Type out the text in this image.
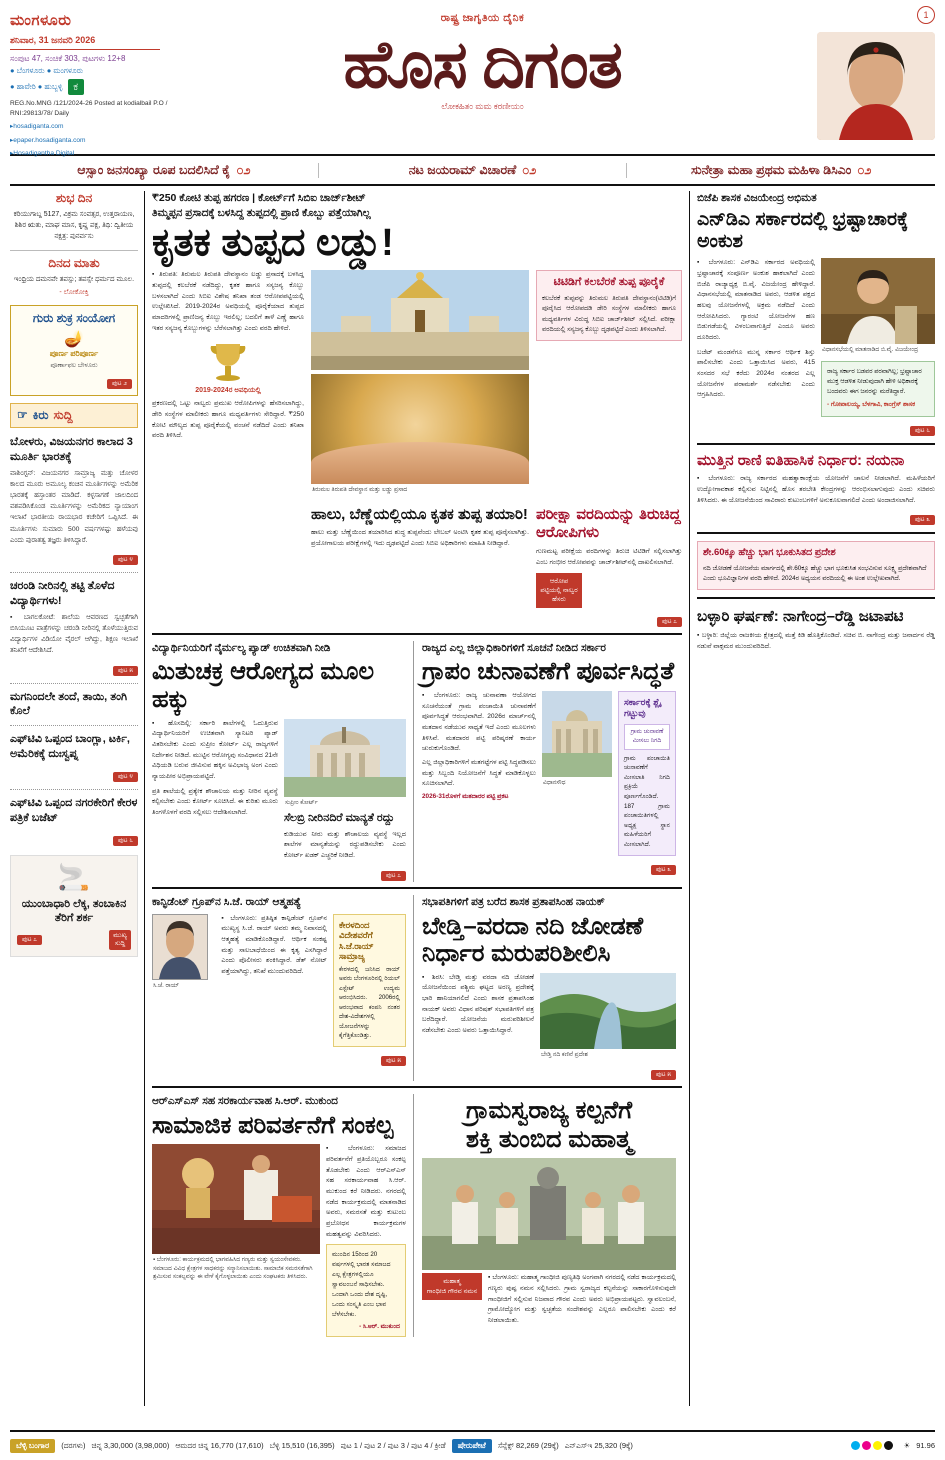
ಮಂಗಳೂರು
ಶನಿವಾರ, 31 ಜನವರಿ 2026
ಸಂಪುಟ 47, ಸಂಚಿಕೆ 303, ಪುಟಗಳು 12+8
● ಬೆಂಗಳೂರು ● ಮಂಗಳೂರು
● ಹಾವೇರಿ ● ಹುಬ್ಬಳ್ಳಿ ಕ
REG.No.MNG /121/2024-26 Posted at kodialbail P.O / RNI:29813/78/ Daily
▸hosadiganta.com
▸epaper.hosadiganta.com
▸Hosadigantha Digital
ರಾಷ್ಟ್ರ ಜಾಗೃತಿಯ ದೈನಿಕ
ಹೊಸ ದಿಗತ
ಲೋಕಹಿತಂ ಮಮ ಕರಣೀಯಂ
1
ಆಸ್ಸಾಂ ಜನಸಂಖ್ಯಾ ರೂಪ ಬದಲಿಸಿದೆ ಕೈ ೦೨	ನಟ ಜಯರಾಮ್ ವಿಚಾರಣೆ ೦೨	ಸುನೇತ್ರಾ ಮಹಾ ಪ್ರಥಮ ಮಹಿಳಾ ಡಿಸಿಎಂ ೦೨
ಶುಭ ದಿನ
ಕರಿಯುಗಾಬ್ದ 5127, ವಿಕ್ರಮ ಸಂವತ್ಸರ, ಉತ್ತರಾಯಣ, ಶಿಶಿರ ಋತು, ಮಾಘ ಮಾಸ, ಕೃಷ್ಣ ಪಕ್ಷ, ತಿಥಿ: ದ್ವಿತೀಯ ನಕ್ಷತ್ರ: ಪುನರ್ವಸು
ದಿನದ ಮಾತು
ಇಂಧ್ರಿಯ ದಮನವೇ ತಪಸ್ಸು; ತಪಸ್ಸೇ ಧರ್ಮದ ಮೂಲ.
- ಲೋಕೋಕ್ತಿ
ಗುರು ಶುಕ್ರ ಸಂಯೋಗ
🪔
ಪೂರ್ಣ ಪರಿಪೂರ್ಣ
ಪೂರ್ಣಾಫಲ ಬೇಳೂರು
ಪುಟ ೨
☞ ಕಿರು ಸುದ್ದಿ
ಬೋಳರು, ವಿಜಯನಗರ ಕಾಲಾದ 3 ಮೂರ್ತಿ ಭಾರತಕ್ಕೆ
ವಾಶಿಂಗ್ಟನ್: ವಿಜಯನಗರ ಸಾಮ್ರಾಜ್ಯ ಮತ್ತು ಚೋಳರ ಕಾಲದ ಮೂರು ಅಮೂಲ್ಯ ಕಂಚಿನ ಮೂರ್ತಿಗಳನ್ನು ಅಮೆರಿಕ ಭಾರತಕ್ಕೆ ಹಸ್ತಾಂತರ ಮಾಡಿದೆ. ಕಳ್ಳಸಾಗಣೆ ಜಾಲದಿಂದ ವಶಪಡಿಸಿಕೊಂಡ ಮೂರ್ತಿಗಳನ್ನು ಅಮೆರಿಕದ ನ್ಯಾಯಾಂಗ ಇಲಾಖೆ ಭಾರತೀಯ ರಾಯಭಾರ ಕಚೇರಿಗೆ ಒಪ್ಪಿಸಿದೆ. ಈ ಮೂರ್ತಿಗಳು ಸುಮಾರು 500 ವರ್ಷಗಳಷ್ಟು ಹಳೆಯವು ಎಂದು ಪುರಾತತ್ವ ತಜ್ಞರು ತಿಳಿಸಿದ್ದಾರೆ.
ಪುಟ ೪
ಚರಂಡಿ ನೀರಿನಲ್ಲಿ ತಟ್ಟಿ ತೊಳೆದ ವಿದ್ಯಾರ್ಥಿಗಳು!
▪ ಬಾಗಲಕೋಟೆ: ಶಾಲೆಯ ಆವರಣದ ಸ್ವಚ್ಛತೆಗಾಗಿ ಬಿಸಿಯೂಟ ಪಾತ್ರೆಗಳನ್ನು ಚರಂಡಿ ನೀರಿನಲ್ಲಿ ತೊಳೆಯುತ್ತಿರುವ ವಿದ್ಯಾರ್ಥಿಗಳ ವಿಡಿಯೋ ವೈರಲ್ ಆಗಿದ್ದು, ಶಿಕ್ಷಣ ಇಲಾಖೆ ತನಿಖೆಗೆ ಆದೇಶಿಸಿದೆ.
ಪುಟ ೫
ಮಗನಿಂದಲೇ ತಂದೆ, ತಾಯಿ, ತಂಗಿ ಕೊಲೆ
ಎಫ್‌ಟಿವಿ ಒಪ್ಪಂದ ಬಾಂಗ್ಲಾ, ಟರ್ಕಿ, ಅಮೆರಿಕಕ್ಕೆ ದುಃಸ್ವಪ್ನ
ಪುಟ ೪
ಎಫ್‌ಟಿವಿ ಒಪ್ಪಂದ ನಗರಕೇರಿಗೆ ಕೇರಳ ಪತ್ರಿಕೆ ಬಜೆಟ್
ಪುಟ ೬
🚬
ಯುಂಬಾಧಾರಿ ಲೆಕ್ಕ, ತಂಬಾಕಿನ ತೆರಿಗೆ ಶರ್ಕ
ಪುಟ ೭
ಮುಖ್ಯ
ಸುದ್ದಿ
₹250 ಕೋಟಿ ತುಪ್ಪ ಹಗರಣ | ಕೋರ್ಟ್‌ಗೆ ಸಿಬಿಐ ಚಾರ್ಜ್‌ಶೀಟ್
ತಿಮ್ಮಪ್ಪನ ಪ್ರಸಾದಕ್ಕೆ ಬಳಸಿದ್ದ ತುಪ್ಪದಲ್ಲಿ ಪ್ರಾಣಿ ಕೊಬ್ಬು ಪತ್ತೆಯಾಗಿಲ್ಲ
ಕೃತಕ ತುಪ್ಪದ ಲಡ್ಡು!
▪ ತಿರುಪತಿ: ತಿರುಮಲ ತಿರುಪತಿ ದೇವಸ್ಥಾನಂ ಲಡ್ಡು ಪ್ರಸಾದಕ್ಕೆ ಬಳಸಿದ್ದ ತುಪ್ಪದಲ್ಲಿ ಕಲಬೆರಕೆ ನಡೆದಿದ್ದು, ಕೃತಕ ಹಾಗೂ ಸಸ್ಯಜನ್ಯ ಕೊಬ್ಬು ಬಳಸಲಾಗಿದೆ ಎಂದು ಸಿಬಿಐ ವಿಶೇಷ ತನಿಖಾ ತಂಡ ಆರೋಪಪಟ್ಟಿಯಲ್ಲಿ ಉಲ್ಲೇಖಿಸಿದೆ. 2019-2024ರ ಅವಧಿಯಲ್ಲಿ ಪೂರೈಕೆಯಾದ ತುಪ್ಪದ ಮಾದರಿಗಳಲ್ಲಿ ಪ್ರಾಣಿಜನ್ಯ ಕೊಬ್ಬು ಇರಲಿಲ್ಲ; ಬದಲಿಗೆ ತಾಳೆ ಎಣ್ಣೆ ಹಾಗೂ ಇತರ ಸಸ್ಯಜನ್ಯ ಕೊಬ್ಬುಗಳನ್ನು ಬೆರೆಸಲಾಗಿತ್ತು ಎಂದು ವರದಿ ಹೇಳಿದೆ.
2019-2024ರ ಅವಧಿಯಲ್ಲಿ
ಪ್ರಕರಣದಲ್ಲಿ ಒಟ್ಟು ನಾಲ್ವರು ಪ್ರಮುಖ ಆರೋಪಿಗಳನ್ನು ಹೆಸರಿಸಲಾಗಿದ್ದು, ಡೇರಿ ಸಂಸ್ಥೆಗಳ ಮಾಲೀಕರು ಹಾಗೂ ಮಧ್ಯವರ್ತಿಗಳು ಸೇರಿದ್ದಾರೆ. ₹250 ಕೋಟಿ ಮೌಲ್ಯದ ತುಪ್ಪ ಪೂರೈಕೆಯಲ್ಲಿ ವಂಚನೆ ನಡೆದಿದೆ ಎಂದು ತನಿಖಾ ವರದಿ ತಿಳಿಸಿದೆ.
ತಿರುಮಲ ತಿರುಪತಿ ದೇವಸ್ಥಾನ ಮತ್ತು ಲಡ್ಡು ಪ್ರಸಾದ
ಟಿಟಿಡಿಗೆ ಕಲಬೆರಕೆ ತುಪ್ಪ ಪೂರೈಕೆ

ಕಲಬೆರಕೆ ತುಪ್ಪವನ್ನು ತಿರುಮಲ ತಿರುಪತಿ ದೇವಸ್ಥಾನಂ(ಟಿಟಿಡಿ)ಗೆ ಪೂರೈಸಿದ ಆರೋಪದಡಿ ಡೇರಿ ಸಂಸ್ಥೆಗಳ ಮಾಲೀಕರು ಹಾಗೂ ಮಧ್ಯವರ್ತಿಗಳ ವಿರುದ್ಧ ಸಿಬಿಐ ಚಾರ್ಜ್‌ಶೀಟ್ ಸಲ್ಲಿಸಿದೆ. ಪರೀಕ್ಷಾ ವರದಿಯಲ್ಲಿ ಸಸ್ಯಜನ್ಯ ಕೊಬ್ಬು ದೃಢಪಟ್ಟಿದೆ ಎಂದು ತಿಳಿಸಲಾಗಿದೆ.

ಹಾಲು, ಬೆಣ್ಣೆಯಲ್ಲಿಯೂ ಕೃತಕ ತುಪ್ಪ ತಯಾರಿ!
ಹಾಲು ಮತ್ತು ಬೆಣ್ಣೆಯಿಂದ ತಯಾರಿಸಿದ ಶುದ್ಧ ತುಪ್ಪವೆಂದು ಲೇಬಲ್ ಅಂಟಿಸಿ ಕೃತಕ ತುಪ್ಪ ಪೂರೈಸಲಾಗಿತ್ತು. ಪ್ರಯೋಗಾಲಯ ಪರೀಕ್ಷೆಗಳಲ್ಲಿ ಇದು ದೃಢಪಟ್ಟಿದೆ ಎಂದು ಸಿಬಿಐ ಅಧಿಕಾರಿಗಳು ಮಾಹಿತಿ ನೀಡಿದ್ದಾರೆ.
ಪರೀಕ್ಷಾ ವರದಿಯನ್ನು ತಿರುಚಿದ್ದ ಆರೋಪಿಗಳು
ಗುಣಮಟ್ಟ ಪರೀಕ್ಷೆಯ ವರದಿಗಳನ್ನು ತಿರುಚಿ ಟಿಟಿಡಿಗೆ ಸಲ್ಲಿಸಲಾಗಿತ್ತು ಎಂಬ ಗಂಭೀರ ಆರೋಪವನ್ನು ಚಾರ್ಜ್‌ಶೀಟ್‌ನಲ್ಲಿ ದಾಖಲಿಸಲಾಗಿದೆ.
ಆರೋಪ ಪಟ್ಟಿಯಲ್ಲಿ ನಾಲ್ವರ ಹೆಸರು
ಪುಟ ೭
ವಿದ್ಯಾರ್ಥಿನಿಯರಿಗೆ ನೈರ್ಮಲ್ಯ ಪ್ಯಾಡ್ ಉಚಿತವಾಗಿ ನೀಡಿ
ಮಿತುಚಕ್ರ ಆರೋಗ್ಯದ ಮೂಲ ಹಕ್ಕು
▪ ಹೊಸದಿಲ್ಲಿ: ಸರ್ಕಾರಿ ಶಾಲೆಗಳಲ್ಲಿ ಓದುತ್ತಿರುವ ವಿದ್ಯಾರ್ಥಿನಿಯರಿಗೆ ಉಚಿತವಾಗಿ ಸ್ಯಾನಿಟರಿ ಪ್ಯಾಡ್ ವಿತರಿಸಬೇಕು ಎಂದು ಸುಪ್ರೀಂ ಕೋರ್ಟ್ ಎಲ್ಲ ರಾಜ್ಯಗಳಿಗೆ ನಿರ್ದೇಶನ ನೀಡಿದೆ. ಮುಟ್ಟಿನ ಆರೋಗ್ಯವು ಸಂವಿಧಾನದ 21ನೇ ವಿಧಿಯಡಿ ಬರುವ ಜೀವಿಸುವ ಹಕ್ಕಿನ ಅವಿಭಾಜ್ಯ ಅಂಗ ಎಂದು ನ್ಯಾಯಪೀಠ ಅಭಿಪ್ರಾಯಪಟ್ಟಿದೆ.
ಪ್ರತಿ ಶಾಲೆಯಲ್ಲಿ ಪ್ರತ್ಯೇಕ ಶೌಚಾಲಯ ಮತ್ತು ನೀರಿನ ವ್ಯವಸ್ಥೆ ಕಲ್ಪಿಸಬೇಕು ಎಂದು ಕೋರ್ಟ್ ಸೂಚಿಸಿದೆ. ಈ ಕುರಿತು ಮೂರು ತಿಂಗಳೊಳಗೆ ವರದಿ ಸಲ್ಲಿಸಲು ಆದೇಶಿಸಲಾಗಿದೆ.
ಸುಪ್ರೀಂ ಕೋರ್ಟ್
ಸೆಲಬ್ರಿ ನೀರಿನದಿರೆ ಮಾನ್ಯತೆ ರದ್ದು
ಕುಡಿಯುವ ನೀರು ಮತ್ತು ಶೌಚಾಲಯ ವ್ಯವಸ್ಥೆ ಇಲ್ಲದ ಶಾಲೆಗಳ ಮಾನ್ಯತೆಯನ್ನು ರದ್ದುಪಡಿಸಬೇಕು ಎಂದು ಕೋರ್ಟ್ ಖಡಕ್ ಎಚ್ಚರಿಕೆ ನೀಡಿದೆ.
ಪುಟ ೭
ರಾಜ್ಯದ ಎಲ್ಲ ಜಿಲ್ಲಾಧಿಕಾರಿಗಳಿಗೆ ಸೂಚನೆ ನೀಡಿದ ಸರ್ಕಾರ
ಗ್ರಾಪಂ ಚುನಾವಣೆಗೆ ಪೂರ್ವಸಿದ್ಧತೆ
▪ ಬೆಂಗಳೂರು: ರಾಜ್ಯ ಚುನಾವಣಾ ಆಯೋಗದ ಸೂಚನೆಯಂತೆ ಗ್ರಾಮ ಪಂಚಾಯಿತಿ ಚುನಾವಣೆಗೆ ಪೂರ್ವಸಿದ್ಧತೆ ಆರಂಭವಾಗಿದೆ. 2026ರ ಮಾರ್ಚ್‌ನಲ್ಲಿ ಮತದಾನ ನಡೆಯುವ ಸಾಧ್ಯತೆ ಇದೆ ಎಂದು ಮೂಲಗಳು ತಿಳಿಸಿವೆ. ಮತದಾರರ ಪಟ್ಟಿ ಪರಿಷ್ಕರಣೆ ಕಾರ್ಯ ಚುರುಕುಗೊಂಡಿದೆ.
ಎಲ್ಲ ಜಿಲ್ಲಾಧಿಕಾರಿಗಳಿಗೆ ಮತಗಟ್ಟೆಗಳ ಪಟ್ಟಿ ಸಿದ್ಧಪಡಿಸಲು ಮತ್ತು ಸಿಬ್ಬಂದಿ ನಿಯೋಜನೆಗೆ ಸಿದ್ಧತೆ ಮಾಡಿಕೊಳ್ಳಲು ಸೂಚಿಸಲಾಗಿದೆ.
2026-31ರೊಳಗೆ ಮತದಾರರ ಪಟ್ಟಿ ಪ್ರಕಟ
ವಿಧಾನಸೌಧ
ಸರ್ಕಾರಕ್ಕೆ ಶ್ಲೈ ಗಟ್ಟುವು
ಗ್ರಾಮ ಚುನಾವಣೆ ಮೀಸಲು ನಿಗದಿ
ಗ್ರಾಮ ಪಂಚಾಯಿತಿ ಚುನಾವಣೆಗೆ ಮೀಸಲಾತಿ ನಿಗದಿ ಪ್ರಕ್ರಿಯೆ ಪೂರ್ಣಗೊಂಡಿದೆ. 187 ಗ್ರಾಮ ಪಂಚಾಯಿತಿಗಳಲ್ಲಿ ಅಧ್ಯಕ್ಷ ಸ್ಥಾನ ಮಹಿಳೆಯರಿಗೆ ಮೀಸಲಾಗಿದೆ.
ಪುಟ ೩
ಕಾನ್ಫಿಡೆಂಟ್ ಗ್ರೂಪ್‌ನ ಸಿ.ಜೆ. ರಾಯ್ ಆತ್ಮಹತ್ಯೆ
ಸಿ.ಜೆ. ರಾಯ್
▪ ಬೆಂಗಳೂರು: ಪ್ರತಿಷ್ಠಿತ ಕಾನ್ಫಿಡೆಂಟ್ ಗ್ರೂಪ್‌ನ ಮುಖ್ಯಸ್ಥ ಸಿ.ಜೆ. ರಾಯ್ ಅವರು ತಮ್ಮ ನಿವಾಸದಲ್ಲಿ ಆತ್ಮಹತ್ಯೆ ಮಾಡಿಕೊಂಡಿದ್ದಾರೆ. ಆರ್ಥಿಕ ಸಂಕಷ್ಟ ಮತ್ತು ಸಾಲಬಾಧೆಯಿಂದ ಈ ಕೃತ್ಯ ಎಸಗಿದ್ದಾರೆ ಎಂದು ಪೊಲೀಸರು ಶಂಕಿಸಿದ್ದಾರೆ. ಡೆತ್ ನೋಟ್ ಪತ್ತೆಯಾಗಿದ್ದು, ತನಿಖೆ ಮುಂದುವರಿದಿದೆ.
ಕೇರಳದಿಂದ ವಿದೇಶವರೆಗೆ ಸಿ.ಜೆ.ರಾಯ್ ಸಾಮ್ರಾಜ್ಯ
ಕೇರಳದಲ್ಲಿ ಜನಿಸಿದ ರಾಯ್ ಅವರು ಬೆಂಗಳೂರಿನಲ್ಲಿ ರಿಯಲ್ ಎಸ್ಟೇಟ್ ಉದ್ಯಮ ಆರಂಭಿಸಿದರು. 2006ರಲ್ಲಿ ಆರಂಭವಾದ ಕಂಪನಿ ನಂತರ ದೇಶ-ವಿದೇಶಗಳಲ್ಲಿ ಯೋಜನೆಗಳನ್ನು ಕೈಗೆತ್ತಿಕೊಂಡಿತ್ತು.
ಪುಟ ೫
ಸಭಾಪತಿಗಳಿಗೆ ಪತ್ರ ಬರೆದ ಶಾಸಕ ಪ್ರತಾಪಸಿಂಹ ನಾಯಕ್
ಬೇಡ್ತಿ–ವರದಾ ನದಿ ಜೋಡಣೆ ನಿರ್ಧಾರ ಮರುಪರಿಶೀಲಿಸಿ
▪ ಶಿರಸಿ: ಬೇಡ್ತಿ ಮತ್ತು ವರದಾ ನದಿ ಜೋಡಣೆ ಯೋಜನೆಯಿಂದ ಪಶ್ಚಿಮ ಘಟ್ಟದ ಅರಣ್ಯ ಪ್ರದೇಶಕ್ಕೆ ಭಾರಿ ಹಾನಿಯಾಗಲಿದೆ ಎಂದು ಶಾಸಕ ಪ್ರತಾಪಸಿಂಹ ನಾಯಕ್ ಅವರು ವಿಧಾನ ಪರಿಷತ್ ಸಭಾಪತಿಗಳಿಗೆ ಪತ್ರ ಬರೆದಿದ್ದಾರೆ. ಯೋಜನೆಯ ಮರುಪರಿಶೀಲನೆ ನಡೆಸಬೇಕು ಎಂದು ಅವರು ಒತ್ತಾಯಿಸಿದ್ದಾರೆ.
ಬೇಡ್ತಿ ನದಿ ಕಣಿವೆ ಪ್ರದೇಶ
ಪುಟ ೫
ಆರ್‌ಎಸ್‌ಎಸ್ ಸಹ ಸರಕಾರ್ಯವಾಹ ಸಿ.ಆರ್. ಮುಕುಂದ
ಸಾಮಾಜಿಕ ಪರಿವರ್ತನೆಗೆ ಸಂಕಲ್ಪ
▪ ಬೆಂಗಳೂರು: ಕಾರ್ಯಕ್ರಮದಲ್ಲಿ ಭಾಗವಹಿಸಿದ ಗಣ್ಯರು ಮತ್ತು ಸ್ವಯಂಸೇವಕರು. ಸಮಾಜದ ವಿವಿಧ ಕ್ಷೇತ್ರಗಳ ಸಾಧಕರನ್ನು ಸನ್ಮಾನಿಸಲಾಯಿತು. ಸಾಮಾಜಿಕ ಸಮರಸತೆಗಾಗಿ ಶ್ರಮಿಸುವ ಸಂಕಲ್ಪವನ್ನು ಈ ವೇಳೆ ಕೈಗೊಳ್ಳಲಾಯಿತು ಎಂದು ಸಂಘಟಕರು ತಿಳಿಸಿದರು.
▪ ಬೆಂಗಳೂರು: ಸಮಾಜದ ಪರಿವರ್ತನೆಗೆ ಪ್ರತಿಯೊಬ್ಬರೂ ಸಂಕಲ್ಪ ತೊಡಬೇಕು ಎಂದು ಆರ್‌ಎಸ್‌ಎಸ್ ಸಹ ಸರಕಾರ್ಯವಾಹ ಸಿ.ಆರ್. ಮುಕುಂದ ಕರೆ ನೀಡಿದರು. ನಗರದಲ್ಲಿ ನಡೆದ ಕಾರ್ಯಕ್ರಮದಲ್ಲಿ ಮಾತನಾಡಿದ ಅವರು, ಸಮರಸತೆ ಮತ್ತು ಕುಟುಂಬ ಪ್ರಬೋಧನ ಕಾರ್ಯಕ್ರಮಗಳ ಮಹತ್ವವನ್ನು ವಿವರಿಸಿದರು.
ಮುಂದಿನ 15ರಿಂದ 20 ವರ್ಷಗಳಲ್ಲಿ ಭಾರತ ಸಮಾಜದ ಎಲ್ಲ ಕ್ಷೇತ್ರಗಳಲ್ಲಿಯೂ ಸ್ವಾವಲಂಬನೆ ಸಾಧಿಸಬೇಕು. ಒಂದಾಗಿ ಒಂದು ದೇಶ ದೃಷ್ಟಿ, ಒಂದು ಸಂಸ್ಕೃತಿ ಎಂಬ ಭಾವ ಬೆಳೆಸಬೇಕು.
- ಸಿ.ಆರ್. ಮುಕುಂದ
ಗ್ರಾಮಸ್ವರಾಜ್ಯ ಕಲ್ಪನೆಗೆ
ಶಕ್ತಿ ತುಂಬಿದ ಮಹಾತ್ಮ
ಮಹಾತ್ಮ
ಗಾಂಧೀಜಿ ಗೌರವ ನಮನ
▪ ಬೆಂಗಳೂರು: ಮಹಾತ್ಮ ಗಾಂಧೀಜಿ ಪುಣ್ಯತಿಥಿ ಅಂಗವಾಗಿ ನಗರದಲ್ಲಿ ನಡೆದ ಕಾರ್ಯಕ್ರಮದಲ್ಲಿ ಗಣ್ಯರು ಪುಷ್ಪ ನಮನ ಸಲ್ಲಿಸಿದರು. ಗ್ರಾಮ ಸ್ವರಾಜ್ಯದ ಕಲ್ಪನೆಯನ್ನು ಸಾಕಾರಗೊಳಿಸುವುದೇ ಗಾಂಧೀಜಿಗೆ ಸಲ್ಲಿಸುವ ನಿಜವಾದ ಗೌರವ ಎಂದು ಅವರು ಅಭಿಪ್ರಾಯಪಟ್ಟರು. ಸ್ವಾವಲಂಬನೆ, ಗ್ರಾಮೋದ್ಯೋಗ ಮತ್ತು ಸ್ವಚ್ಛತೆಯ ಸಂದೇಶವನ್ನು ಎಲ್ಲರೂ ಪಾಲಿಸಬೇಕು ಎಂದು ಕರೆ ನೀಡಲಾಯಿತು.
ಬಿಜೆಪಿ ಶಾಸಕ ವಿಜಯೇಂದ್ರ ಅಭಿಮತ
ಎನ್‌ಡಿಎ ಸರ್ಕಾರದಲ್ಲಿ ಭ್ರಷ್ಟಾಚಾರಕ್ಕೆ ಅಂಕುಶ
▪ ಬೆಂಗಳೂರು: ಎನ್‌ಡಿಎ ಸರ್ಕಾರದ ಅವಧಿಯಲ್ಲಿ ಭ್ರಷ್ಟಾಚಾರಕ್ಕೆ ಸಂಪೂರ್ಣ ಅಂಕುಶ ಹಾಕಲಾಗಿದೆ ಎಂದು ಬಿಜೆಪಿ ರಾಜ್ಯಾಧ್ಯಕ್ಷ ಬಿ.ವೈ. ವಿಜಯೇಂದ್ರ ಹೇಳಿದ್ದಾರೆ. ವಿಧಾನಸಭೆಯಲ್ಲಿ ಮಾತನಾಡಿದ ಅವರು, ಆಡಳಿತ ಪಕ್ಷದ ಹಲವು ಯೋಜನೆಗಳಲ್ಲಿ ಅಕ್ರಮ ನಡೆದಿದೆ ಎಂದು ಆರೋಪಿಸಿದರು. ಗ್ಯಾರಂಟಿ ಯೋಜನೆಗಳ ಹಣ ಬಿಡುಗಡೆಯಲ್ಲಿ ವಿಳಂಬವಾಗುತ್ತಿದೆ ಎಂದೂ ಅವರು ದೂರಿದರು.
ಬಜೆಟ್ ಮಂಡನೆಗೂ ಮುನ್ನ ಸರ್ಕಾರ ಆರ್ಥಿಕ ಶಿಸ್ತು ಪಾಲಿಸಬೇಕು ಎಂದು ಒತ್ತಾಯಿಸಿದ ಅವರು, 415 ಸಂಸದರ ಸಭೆ ಕರೆದು 2024ರ ನಂತರದ ಎಲ್ಲ ಯೋಜನೆಗಳ ಪರಾಮರ್ಶೆ ನಡೆಸಬೇಕು ಎಂದು ಆಗ್ರಹಿಸಿದರು.
ವಿಧಾನಸಭೆಯಲ್ಲಿ ಮಾತನಾಡಿದ ಬಿ.ವೈ. ವಿಜಯೇಂದ್ರ
ರಾಜ್ಯ ಸರ್ಕಾರ ಬಡವರ ಪರವಾಗಿಲ್ಲ; ಭ್ರಷ್ಟಾಚಾರ ಮುಕ್ತ ಆಡಳಿತ ನೀಡುವುದಾಗಿ ಹೇಳಿ ಅಧಿಕಾರಕ್ಕೆ ಬಂದವರು ಈಗ ಜನರನ್ನು ಮರೆತಿದ್ದಾರೆ.
- ಗೋಪಾಲಯ್ಯ, ಬೆಳಗಾವಿ, ಕಾಂಗ್ರೆಸ್ ಶಾಸಕ
ಪುಟ ೬
ಮುತ್ತಿನ ರಾಣಿ ಐತಿಹಾಸಿಕ ನಿರ್ಧಾರ: ನಯನಾ
▪ ಬೆಂಗಳೂರು: ರಾಜ್ಯ ಸರ್ಕಾರದ ಮಹತ್ವಾಕಾಂಕ್ಷೆಯ ಯೋಜನೆಗೆ ಚಾಲನೆ ನೀಡಲಾಗಿದೆ. ಮಹಿಳೆಯರಿಗೆ ಉದ್ಯೋಗಾವಕಾಶ ಕಲ್ಪಿಸುವ ನಿಟ್ಟಿನಲ್ಲಿ ಹೊಸ ತರಬೇತಿ ಕೇಂದ್ರಗಳನ್ನು ಆರಂಭಿಸಲಾಗುವುದು ಎಂದು ಸಚಿವರು ತಿಳಿಸಿದರು. ಈ ಯೋಜನೆಯಿಂದ ಸಾವಿರಾರು ಕುಟುಂಬಗಳಿಗೆ ಅನುಕೂಲವಾಗಲಿದೆ ಎಂದು ಅಂದಾಜಿಸಲಾಗಿದೆ.
ಪುಟ ೩
ಶೇ.60ಕ್ಕೂ ಹೆಚ್ಚು ಭಾಗ ಭೂಕುಸಿತದ ಪ್ರದೇಶ
ನದಿ ಜೋಡಣೆ ಯೋಜನೆಯ ಮಾರ್ಗದಲ್ಲಿ ಶೇ.60ಕ್ಕೂ ಹೆಚ್ಚು ಭಾಗ ಭೂಕುಸಿತ ಸಂಭವಿಸುವ ಸೂಕ್ಷ್ಮ ಪ್ರದೇಶವಾಗಿದೆ ಎಂದು ಭೂವಿಜ್ಞಾನಿಗಳ ವರದಿ ಹೇಳಿದೆ. 2024ರ ಅಧ್ಯಯನ ವರದಿಯಲ್ಲಿ ಈ ಅಂಶ ಉಲ್ಲೇಖವಾಗಿದೆ.
ಬಳ್ಳಾರಿ ಘರ್ಷಣೆ: ನಾಗೇಂದ್ರ–ರೆಡ್ಡಿ ಜಟಾಪಟಿ
▪ ಬಳ್ಳಾರಿ: ಜಿಲ್ಲೆಯ ರಾಜಕೀಯ ಕ್ಷೇತ್ರದಲ್ಲಿ ಮತ್ತೆ ಕಿಡಿ ಹೊತ್ತಿಕೊಂಡಿದೆ. ಸಚಿವ ಬಿ. ನಾಗೇಂದ್ರ ಮತ್ತು ಜನಾರ್ದನ ರೆಡ್ಡಿ ನಡುವೆ ವಾಕ್ಸಮರ ಮುಂದುವರಿದಿದೆ.
ಬೆಳ್ಳಿ ಬಂಗಾರ	(ದರಗಳು) ಚಿನ್ನ 3,30,000 (3,98,000) ಆಮದರ ಚಿನ್ನ 16,770 (17,610) ಬೆಳ್ಳಿ 15,510 (16,395) ಪುಟ 1 / ಪುಟ 2 / ಪುಟ 3 / ಪುಟ 4 / ಕ್ರೀಡೆ	ಷೇರುಪೇಟೆ	ಸೆನ್ಸೆಕ್ಸ್ 82,269 (29ಕ್ಕೆ) ಎನ್‌ಎಸ್‌ಇ 25,320 (9ಕ್ಕೆ)	☀ 91.96
